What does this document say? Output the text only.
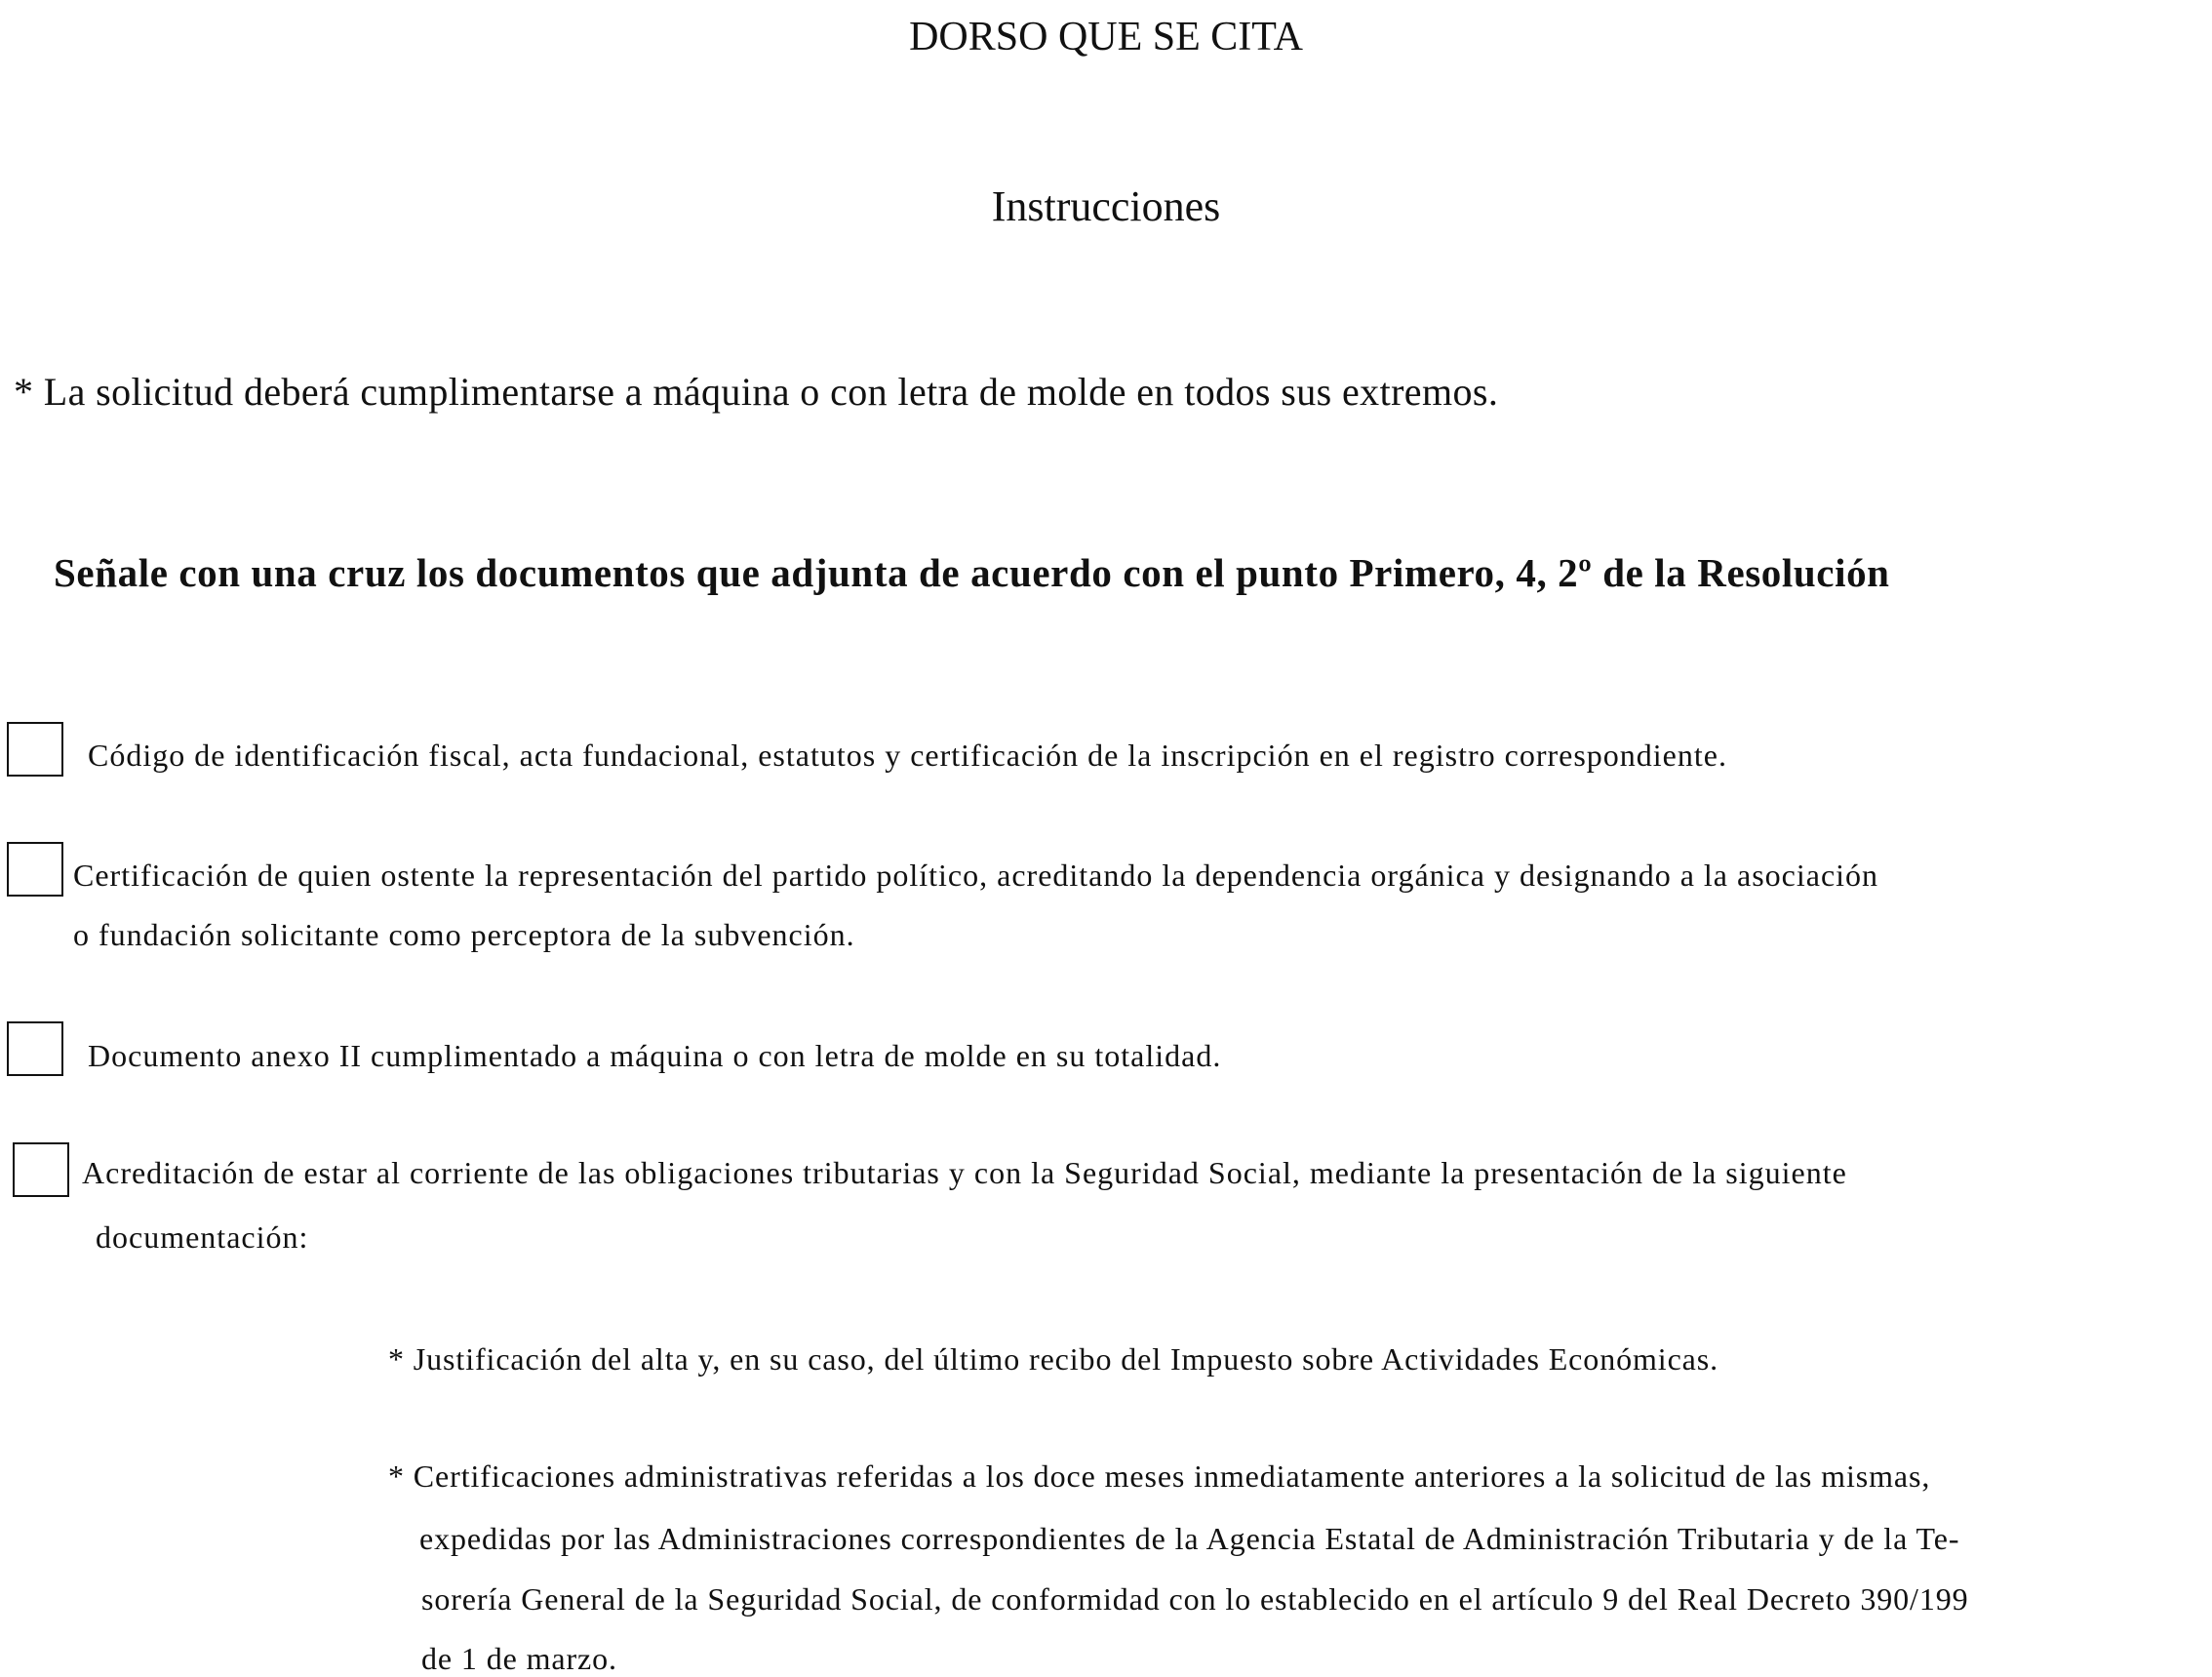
DORSO QUE SE CITA
Instrucciones
* La solicitud deberá cumplimentarse a máquina o con letra de molde en todos sus extremos.
Señale con una cruz los documentos que adjunta de acuerdo con el punto Primero, 4, 2º de la Resolución
Código de identificación fiscal, acta fundacional, estatutos y certificación de la inscripción en el registro correspondiente.
Certificación de quien ostente la representación del partido político, acreditando la dependencia orgánica y designando a la asociación
o fundación solicitante como perceptora de la subvención.
Documento anexo II cumplimentado a máquina o con letra de molde en su totalidad.
Acreditación de estar al corriente de las obligaciones tributarias y con la Seguridad Social, mediante la presentación de la siguiente
documentación:
* Justificación del alta y, en su caso, del último recibo del Impuesto sobre Actividades Económicas.
* Certificaciones administrativas referidas a los doce meses inmediatamente anteriores a la solicitud de las mismas,
expedidas por las Administraciones correspondientes de la Agencia Estatal de Administración Tributaria y de la Te-
sorería General de la Seguridad Social, de conformidad con lo establecido en el artículo 9 del Real Decreto 390/199
de 1 de marzo.
